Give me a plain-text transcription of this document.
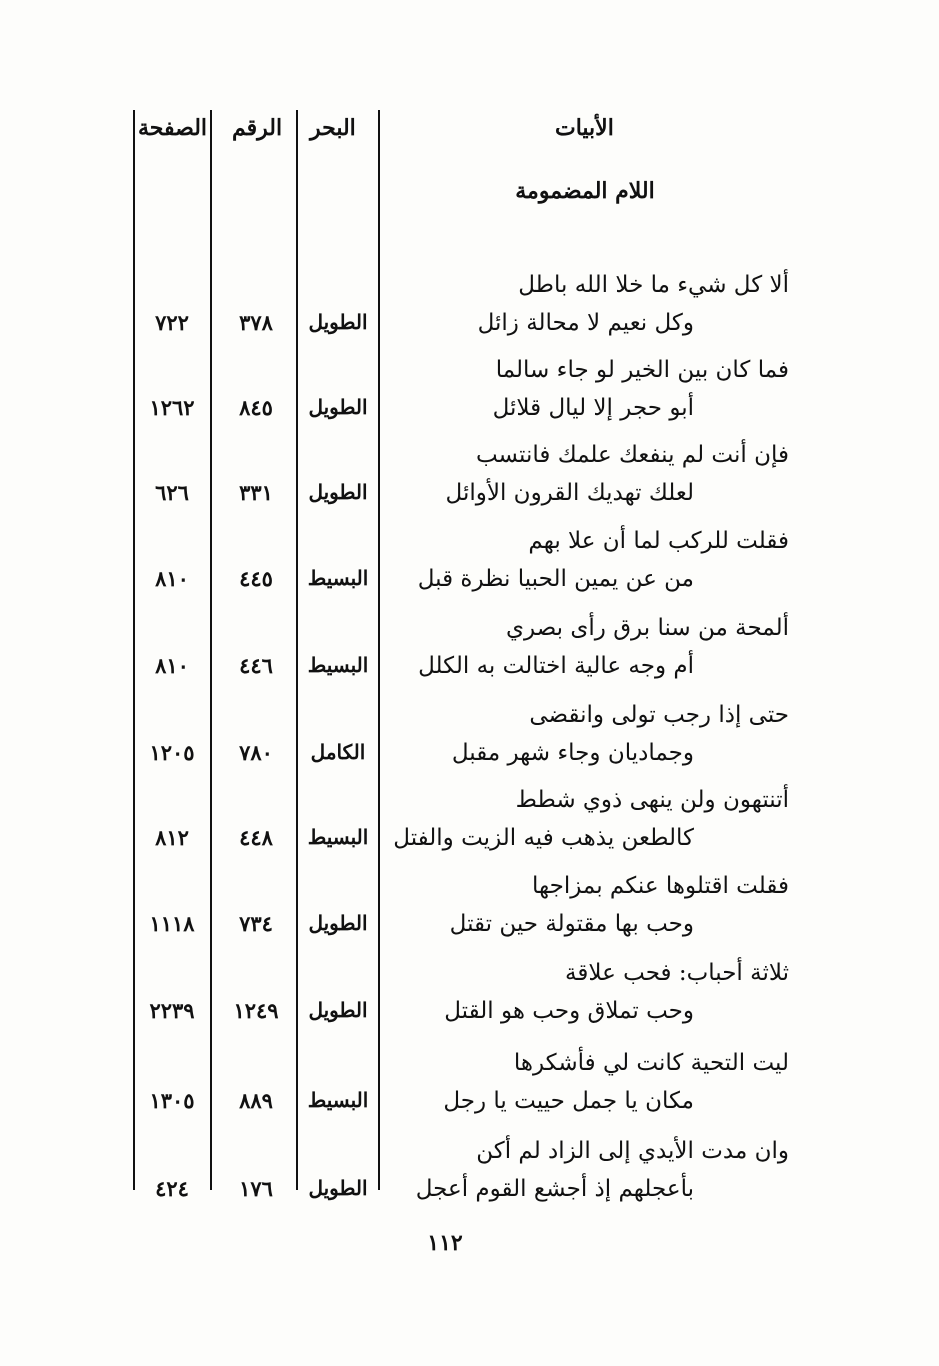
الأبيات
البحر
الرقم
الصفحة
اللام المضمومة
ألا كل شيء ما خلا الله باطل
وكل نعيم لا محالة زائل
الطويل
٣٧٨
٧٢٢
فما كان بين الخير لو جاء سالما
أبو حجر إلا ليال قلائل
الطويل
٨٤٥
١٢٦٢
فإن أنت لم ينفعك علمك فانتسب
لعلك تهديك القرون الأوائل
الطويل
٣٣١
٦٢٦
فقلت للركب لما أن علا بهم
من عن يمين الحبيا نظرة قبل
البسيط
٤٤٥
٨١٠
ألمحة من سنا برق رأى بصري
أم وجه عالية اختالت به الكلل
البسيط
٤٤٦
٨١٠
حتى إذا رجب تولى وانقضى
وجماديان وجاء شهر مقبل
الكامل
٧٨٠
١٢٠٥
أتنتهون ولن ينهى ذوي شطط
كالطعن يذهب فيه الزيت والفتل
البسيط
٤٤٨
٨١٢
فقلت اقتلوها عنكم بمزاجها
وحب بها مقتولة حين تقتل
الطويل
٧٣٤
١١١٨
ثلاثة أحباب: فحب علاقة
وحب تملاق وحب هو القتل
الطويل
١٢٤٩
٢٢٣٩
ليت التحية كانت لي فأشكرها
مكان يا جمل حييت يا رجل
البسيط
٨٨٩
١٣٠٥
وان مدت الأيدي إلى الزاد لم أكن
بأعجلهم إذ أجشع القوم أعجل
الطويل
١٧٦
٤٢٤
١١٢
